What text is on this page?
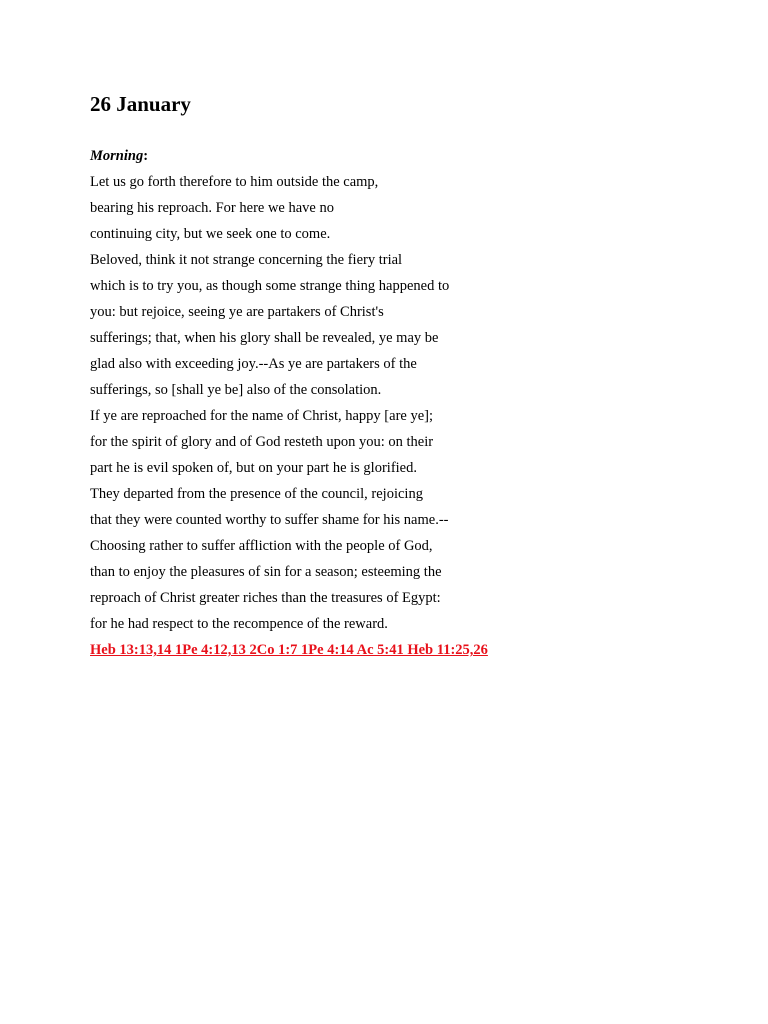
26 January
Morning:
Let us go forth therefore to him outside the camp,
bearing his reproach. For here we have no
continuing city, but we seek one to come.
Beloved, think it not strange concerning the fiery trial
which is to try you, as though some strange thing happened to
you: but rejoice, seeing ye are partakers of Christ's
sufferings; that, when his glory shall be revealed, ye may be
glad also with exceeding joy.--As ye are partakers of the
sufferings, so [shall ye be] also of the consolation.
If ye are reproached for the name of Christ, happy [are ye];
for the spirit of glory and of God resteth upon you: on their
part he is evil spoken of, but on your part he is glorified.
They departed from the presence of the council, rejoicing
that they were counted worthy to suffer shame for his name.--
Choosing rather to suffer affliction with the people of God,
than to enjoy the pleasures of sin for a season; esteeming the
reproach of Christ greater riches than the treasures of Egypt:
for he had respect to the recompence of the reward.
Heb 13:13,14 1Pe 4:12,13 2Co 1:7 1Pe 4:14 Ac 5:41 Heb 11:25,26
